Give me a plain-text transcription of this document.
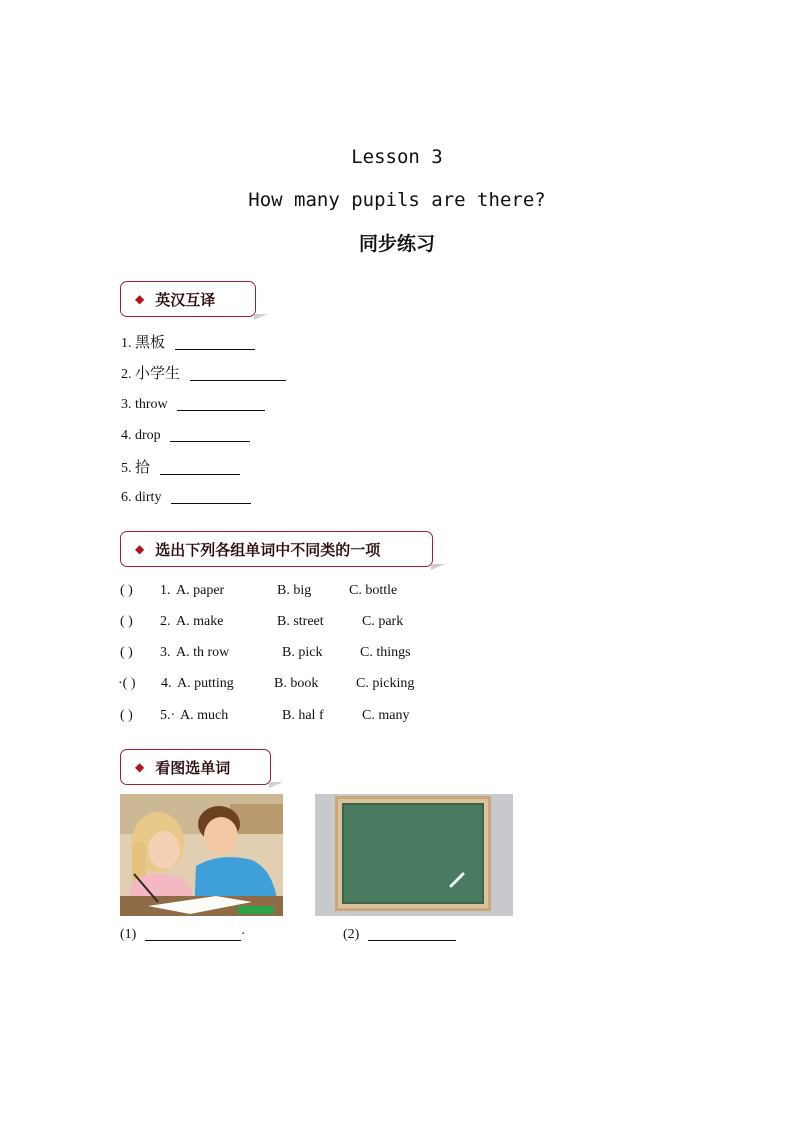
Lesson 3
How many pupils are there?
同步练习
◆ 英汉互译
1. 黑板
2. 小学生
3. throw
4. drop
5. 拾
6. dirty
◆ 选出下列各组单词中不同类的一项
( ) 1. A. paper	B. big	C. bottle
( ) 2. A. make	B. street	C. park
( ) 3. A. th row	B. pick	C. things
·( ) 4. A. putting	B. book	C. picking
( ) 5.· A. much	B. hal f	C. many
◆ 看图选单词
(1)	·	(2)
